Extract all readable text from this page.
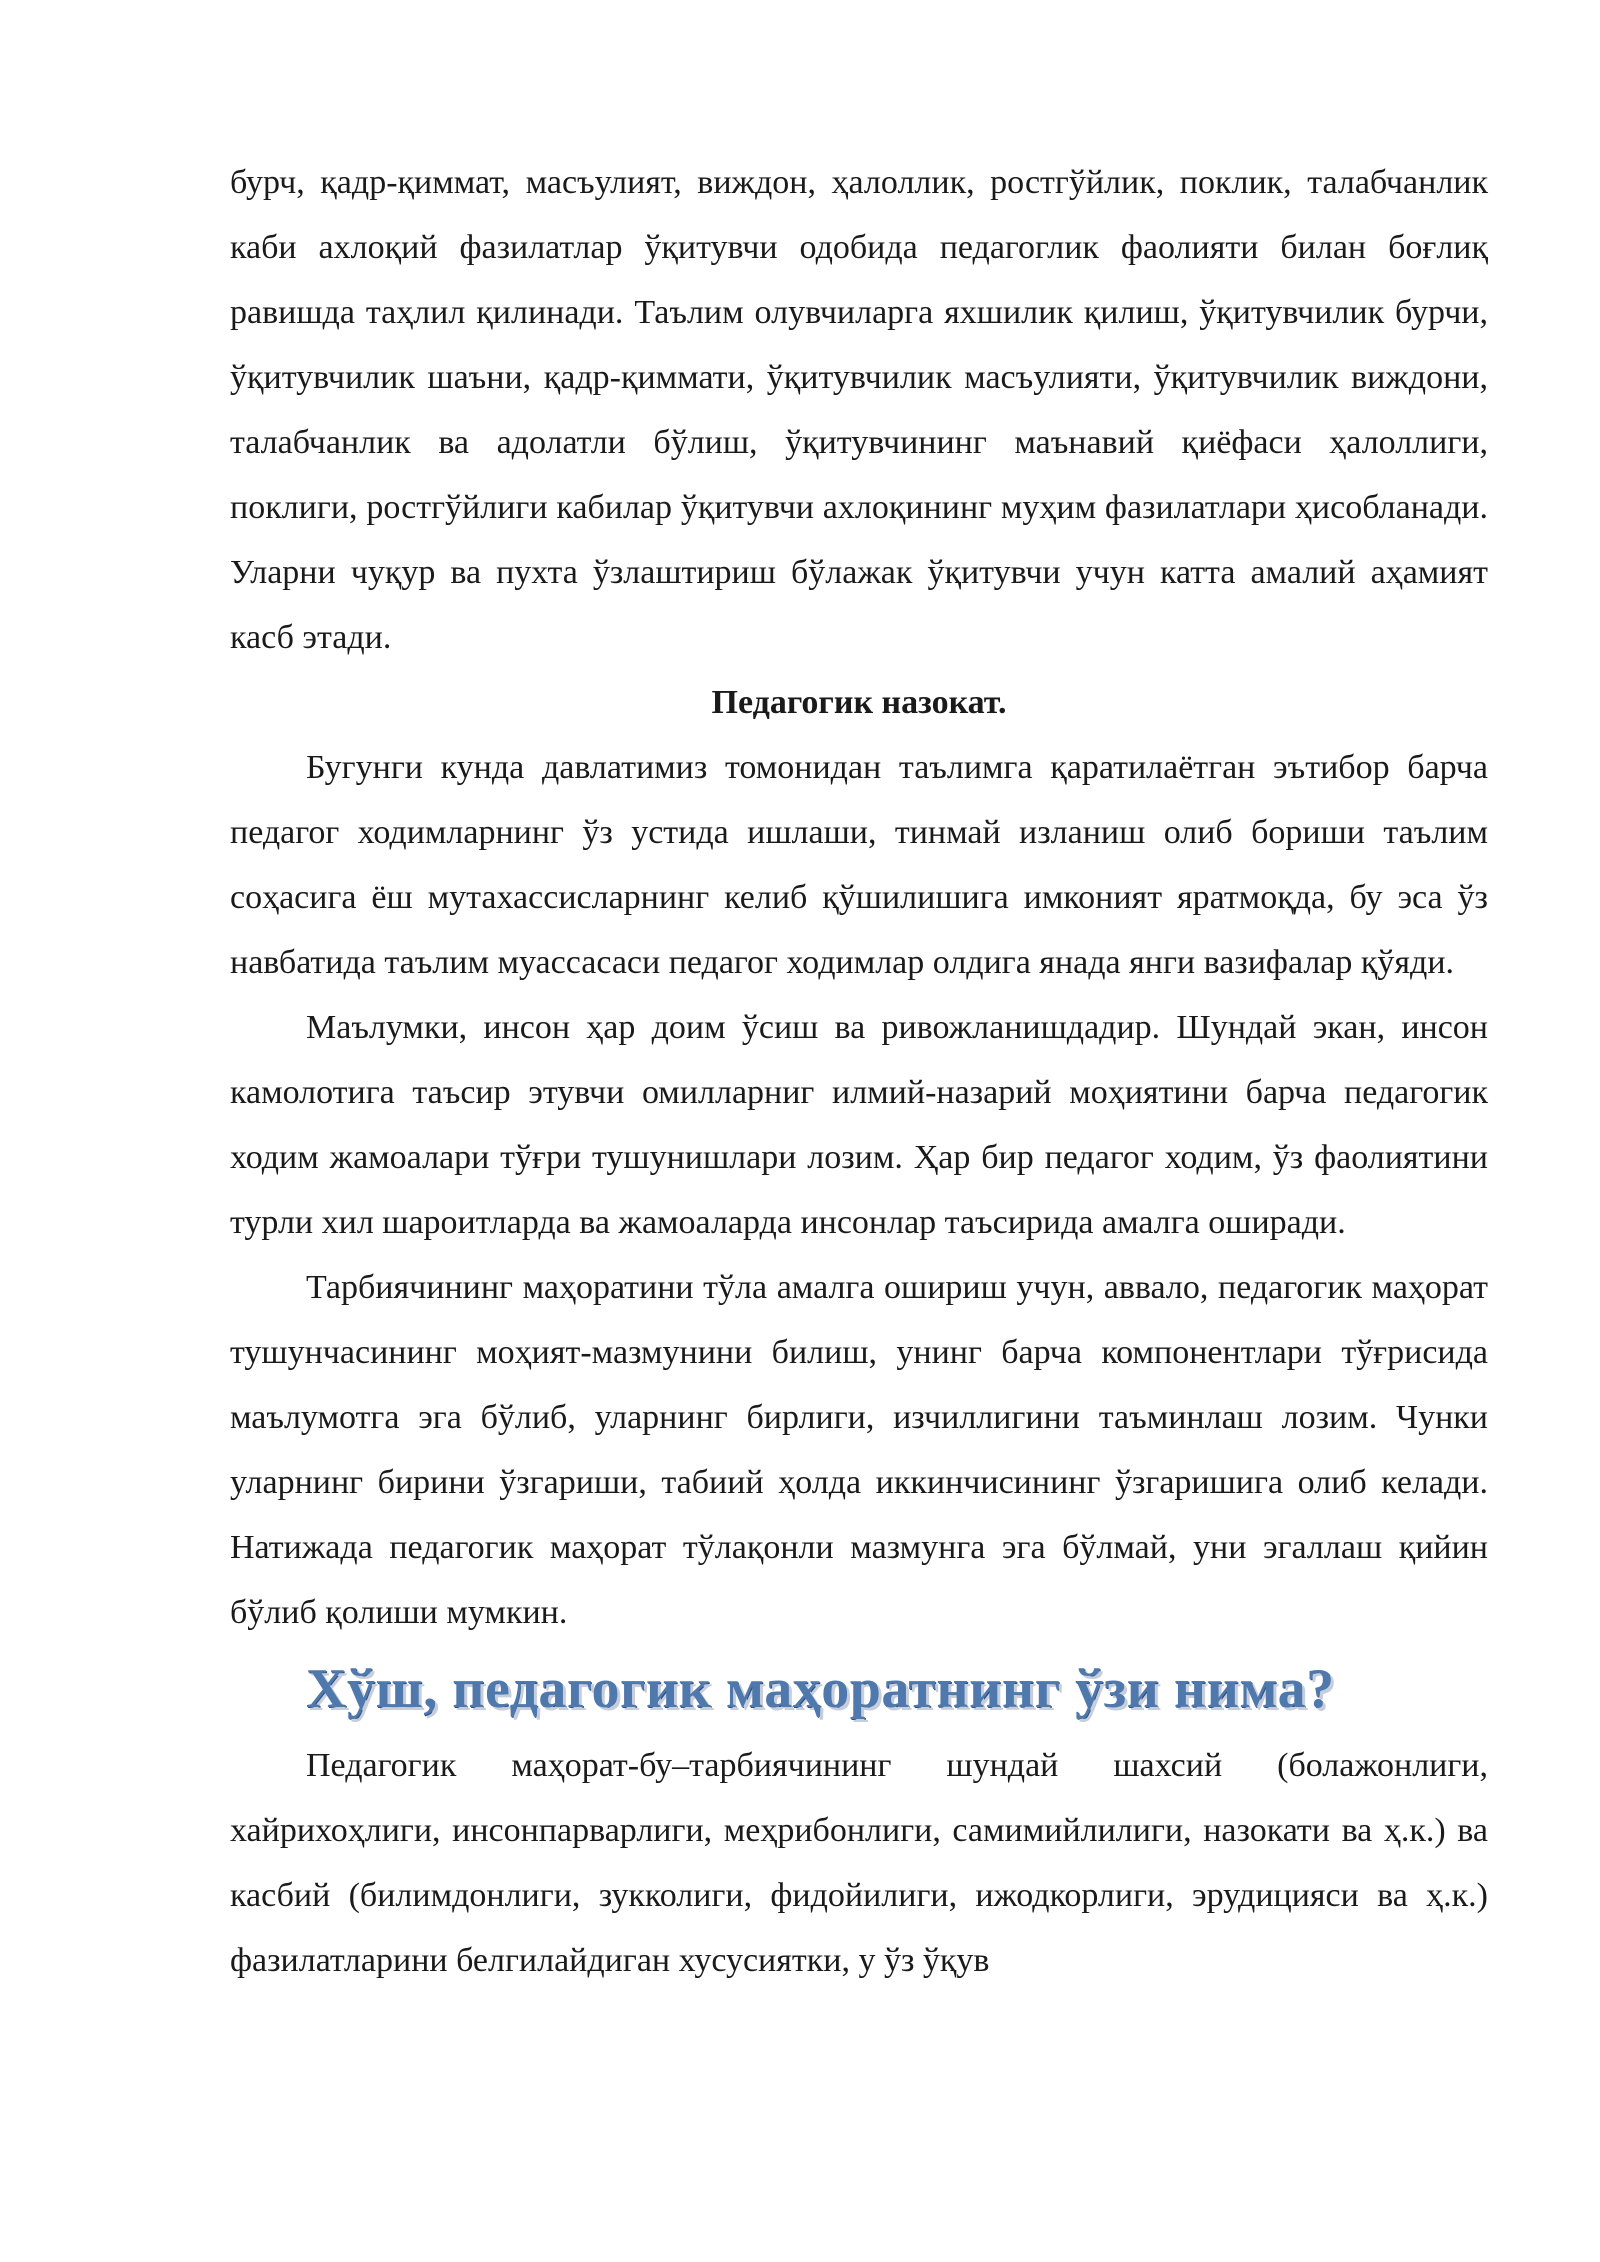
бурч, қадр-қиммат, масъулият, виждон, ҳалоллик, ростгўйлик, поклик, талабчанлик каби ахлоқий фазилатлар ўқитувчи одобида педагоглик фаолияти билан боғлиқ равишда таҳлил қилинади. Таълим олувчиларга яхшилик қилиш, ўқитувчилик бурчи, ўқитувчилик шаъни, қадр-қиммати, ўқитувчилик масъулияти, ўқитувчилик виждони, талабчанлик ва адолатли бўлиш, ўқитувчининг маънавий қиёфаси ҳалоллиги, поклиги, ростгўйлиги кабилар ўқитувчи ахлоқининг муҳим фазилатлари ҳисобланади. Уларни чуқур ва пухта ўзлаштириш бўлажак ўқитувчи учун катта амалий аҳамият касб этади.

Педагогик назокат.

Бугунги кунда давлатимиз томонидан таълимга қаратилаётган эътибор барча педагог ходимларнинг ўз устида ишлаши, тинмай изланиш олиб бориши таълим соҳасига ёш мутахассисларнинг келиб қўшилишига имконият яратмоқда, бу эса ўз навбатида таълим муассасаси педагог ходимлар олдига янада янги вазифалар қўяди.

Маълумки, инсон ҳар доим ўсиш ва ривожланишдадир. Шундай экан, инсон камолотига таъсир этувчи омилларниг илмий-назарий моҳиятини барча педагогик ходим жамоалари тўғри тушунишлари лозим. Ҳар бир педагог ходим, ўз фаолиятини турли хил шароитларда ва жамоаларда инсонлар таъсирида амалга оширади.

Тарбиячининг маҳоратини тўла амалга ошириш учун, аввало, педагогик маҳорат тушунчасининг моҳият-мазмунини билиш, унинг барча компонентлари тўғрисида маълумотга эга бўлиб, уларнинг бирлиги, изчиллигини таъминлаш лозим. Чунки уларнинг бирини ўзгариши, табиий ҳолда иккинчисининг ўзгаришига олиб келади. Натижада педагогик маҳорат тўлақонли мазмунга эга бўлмай, уни эгаллаш қийин бўлиб қолиши мумкин.

Хўш, педагогик маҳоратнинг ўзи нима?

Педагогик маҳорат-бу–тарбиячининг шундай шахсий (болажонлиги, хайрихоҳлиги, инсонпарварлиги, меҳрибонлиги, самимийлилиги, назокати ва ҳ.к.) ва касбий (билимдонлиги, зукколиги, фидойилиги, ижодкорлиги, эрудицияси ва ҳ.к.) фазилатларини белгилайдиган хусусиятки, у ўз ўқув
